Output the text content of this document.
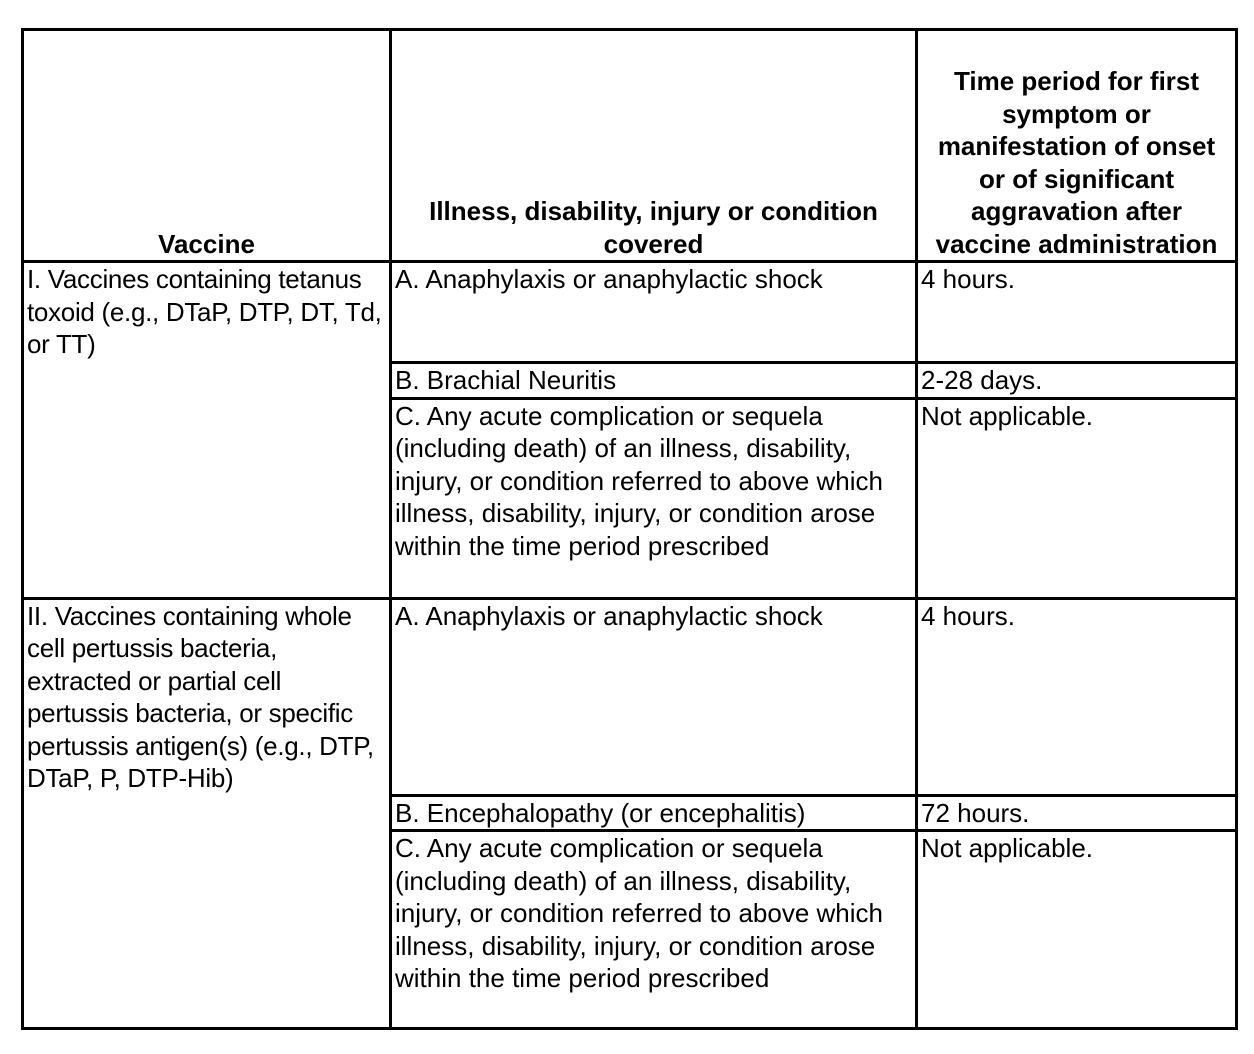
Vaccine	Illness, disability, injury or condition covered	Time period for first symptom or manifestation of onset or of significant aggravation after vaccine administration
I. Vaccines containing tetanus toxoid (e.g., DTaP, DTP, DT, Td, or TT)	A. Anaphylaxis or anaphylactic shock	4 hours.
	B. Brachial Neuritis	2-28 days.
	C. Any acute complication or sequela (including death) of an illness, disability, injury, or condition referred to above which illness, disability, injury, or condition arose within the time period prescribed	Not applicable.
II. Vaccines containing whole cell pertussis bacteria, extracted or partial cell pertussis bacteria, or specific pertussis antigen(s) (e.g., DTP, DTaP, P, DTP-Hib)	A. Anaphylaxis or anaphylactic shock	4 hours.
	B. Encephalopathy (or encephalitis)	72 hours.
	C. Any acute complication or sequela (including death) of an illness, disability, injury, or condition referred to above which illness, disability, injury, or condition arose within the time period prescribed	Not applicable.
